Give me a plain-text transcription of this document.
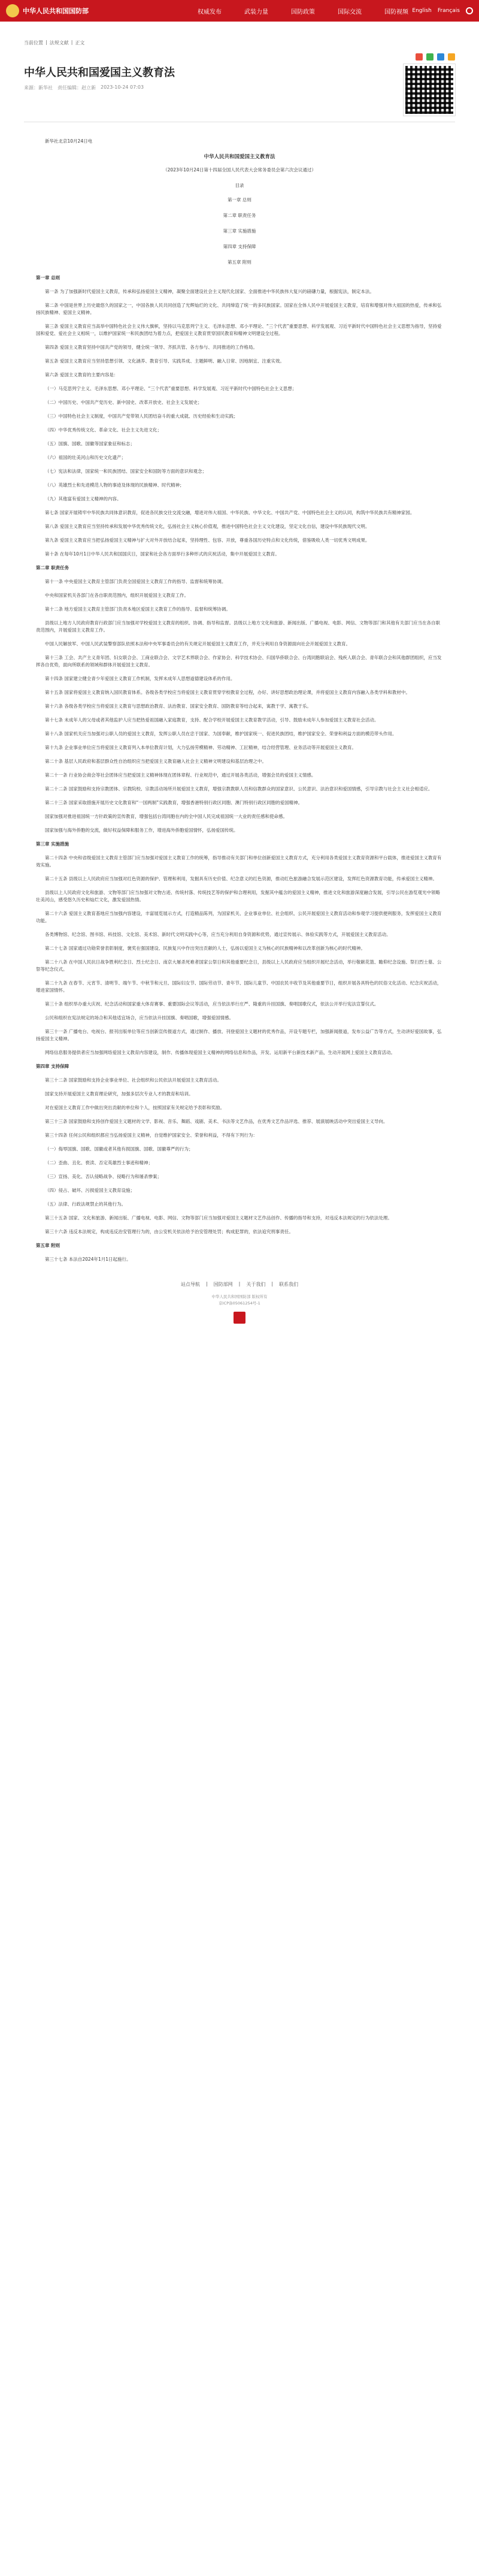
中华人民共和国国防部	权威发布	武装力量	国防政策	国际交流	国防视频 English Français
当前位置 | 法规文献 | 正文
中华人民共和国爱国主义教育法
来源：新华社 责任编辑：赵立新 2023-10-24 07:03

新华社北京10月24日电

中华人民共和国爱国主义教育法
（2023年10月24日第十四届全国人民代表大会常务委员会第六次会议通过）
目录
第一章 总则
第二章 职责任务
第三章 实施措施
第四章 支持保障
第五章 附则

第一章 总则

第一条 为了加强新时代爱国主义教育，传承和弘扬爱国主义精神，凝聚全面建设社会主义现代化国家、全面推进中华民族伟大复兴的磅礴力量，根据宪法，制定本法。

第二条 中国是世界上历史最悠久的国家之一，中国各族人民共同创造了光辉灿烂的文化、共同缔造了统一的多民族国家。国家在全体人民中开展爱国主义教育，培育和增强对伟大祖国的热爱，传承和弘扬民族精神、爱国主义精神。

第三条 爱国主义教育应当高举中国特色社会主义伟大旗帜，坚持以马克思列宁主义、毛泽东思想、邓小平理论、“三个代表”重要思想、科学发展观、习近平新时代中国特色社会主义思想为指导，坚持爱国和爱党、爱社会主义相统一，以维护国家统一和民族团结为着力点，把爱国主义教育贯穿国民教育和精神文明建设全过程。

第四条 爱国主义教育坚持中国共产党的领导，健全统一领导、齐抓共管、各方参与、共同推进的工作格局。

第五条 爱国主义教育应当坚持思想引领、文化涵养、教育引导、实践养成、主题鲜明、融入日常、因地制宜、注重实效。

第六条 爱国主义教育的主要内容是：

（一）马克思列宁主义、毛泽东思想、邓小平理论、“三个代表”重要思想、科学发展观、习近平新时代中国特色社会主义思想；

（二）中国历史、中国共产党历史、新中国史、改革开放史、社会主义发展史；

（三）中国特色社会主义制度，中国共产党带领人民团结奋斗的重大成就、历史经验和生动实践；

（四）中华优秀传统文化、革命文化、社会主义先进文化；

（五）国旗、国歌、国徽等国家象征和标志；

（六）祖国的壮美河山和历史文化遗产；

（七）宪法和法律，国家统一和民族团结、国家安全和国防等方面的意识和观念；

（八）英雄烈士和先进模范人物的事迹及体现的民族精神、时代精神；

（九）其他富有爱国主义精神的内容。

第七条 国家开展铸牢中华民族共同体意识教育，促进各民族交往交流交融，增进对伟大祖国、中华民族、中华文化、中国共产党、中国特色社会主义的认同，构筑中华民族共有精神家园。

第八条 爱国主义教育应当坚持传承和发展中华优秀传统文化，弘扬社会主义核心价值观，推进中国特色社会主义文化建设，坚定文化自信，建设中华民族现代文明。

第九条 爱国主义教育应当把弘扬爱国主义精神与扩大对外开放结合起来，坚持理性、包容、开放，尊重各国历史特点和文化传统，借鉴吸收人类一切优秀文明成果。

第十条 在每年10月1日中华人民共和国国庆日，国家和社会各方面举行多种形式的庆祝活动，集中开展爱国主义教育。

第二章 职责任务

第十一条 中央爱国主义教育主管部门负责全国爱国主义教育工作的指导、监督和统筹协调。

中央和国家机关各部门在各自职责范围内，组织开展爱国主义教育工作。

第十二条 地方爱国主义教育主管部门负责本地区爱国主义教育工作的指导、监督和统筹协调。

县级以上地方人民政府教育行政部门应当加强对学校爱国主义教育的组织、协调、指导和监督。县级以上地方文化和旅游、新闻出版、广播电视、电影、网信、文物等部门和其他有关部门应当在各自职责范围内，开展爱国主义教育工作。

中国人民解放军、中国人民武装警察部队依照本法和中央军事委员会的有关规定开展爱国主义教育工作，并充分利用自身资源面向社会开展爱国主义教育。

第十三条 工会、共产主义青年团、妇女联合会、工商业联合会、文学艺术界联合会、作家协会、科学技术协会、归国华侨联合会、台湾同胞联谊会、残疾人联合会、青年联合会和其他群团组织，应当发挥各自优势，面向所联系的领域和群体开展爱国主义教育。

第十四条 国家建立健全青少年爱国主义教育工作机制，发挥未成年人思想道德建设体系的作用。

第十五条 国家将爱国主义教育纳入国民教育体系。各级各类学校应当将爱国主义教育贯穿学校教育全过程，办好、讲好思想政治理论课，并将爱国主义教育内容融入各类学科和教材中。

第十六条 各级各类学校应当将爱国主义教育与思想政治教育、法治教育、国家安全教育、国防教育等结合起来，寓教于学、寓教于乐。

第十七条 未成年人的父母或者其他监护人应当把热爱祖国融入家庭教育，支持、配合学校开展爱国主义教育教学活动，引导、鼓励未成年人参加爱国主义教育社会活动。

第十八条 国家机关应当加强对公职人员的爱国主义教育，发挥公职人员在忠于国家、为国奉献，维护国家统一、促进民族团结，维护国家安全、荣誉和利益方面的模范带头作用。

第十九条 企业事业单位应当将爱国主义教育列入本单位教育计划，大力弘扬劳模精神、劳动精神、工匠精神，结合经营管理、业务活动等开展爱国主义教育。

第二十条 基层人民政府和基层群众性自治组织应当把爱国主义教育融入社会主义精神文明建设和基层治理之中。

第二十一条 行业协会商会等社会团体应当把爱国主义精神体现在团体章程、行业规范中，通过开展各类活动，增强会员的爱国主义情感。

第二十二条 国家鼓励和支持宗教团体、宗教院校、宗教活动场所开展爱国主义教育，增强宗教教职人员和信教群众的国家意识、公民意识、法治意识和爱国情感，引导宗教与社会主义社会相适应。

第二十三条 国家采取措施开展历史文化教育和“一国两制”实践教育，增强香港特别行政区同胞、澳门特别行政区同胞的爱国精神。

国家加强对推进祖国统一方针政策的宣传教育，增强包括台湾同胞在内的全中国人民完成祖国统一大业的责任感和使命感。

国家加强与海外侨胞的交流，做好权益保障和服务工作，增进海外侨胞爱国情怀，弘扬爱国传统。

第三章 实施措施

第二十四条 中央和省级爱国主义教育主管部门应当加强对爱国主义教育工作的统筹，指导推动有关部门和单位创新爱国主义教育方式，充分利用各类爱国主义教育资源和平台载体，推进爱国主义教育有效实施。

第二十五条 县级以上人民政府应当加强对红色资源的保护、管理和利用，发掘具有历史价值、纪念意义的红色资源，推动红色旅游融合发展示范区建设，发挥红色资源教育功能，传承爱国主义精神。

县级以上人民政府文化和旅游、文物等部门应当加强对文物古迹、传统村落、传统技艺等的保护和合理利用，发掘其中蕴含的爱国主义精神，推进文化和旅游深度融合发展，引导公民在游览观光中领略壮美河山，感受悠久历史和灿烂文化，激发爱国热情。

第二十六条 爱国主义教育基地应当加强内容建设，丰富展览展示方式，打造精品陈列，为国家机关、企业事业单位、社会组织、公民开展爱国主义教育活动和参观学习提供便利服务，发挥爱国主义教育功能。

各类博物馆、纪念馆、图书馆、科技馆、文化馆、美术馆、新时代文明实践中心等，应当充分利用自身资源和优势，通过宣传展示、体验实践等方式，开展爱国主义教育活动。

第二十七条 国家通过功勋荣誉表彰制度，褒奖在强国建设、民族复兴中作出突出贡献的人士，弘扬以爱国主义为核心的民族精神和以改革创新为核心的时代精神。

第二十八条 在中国人民抗日战争胜利纪念日、烈士纪念日、南京大屠杀死难者国家公祭日和其他重要纪念日，县级以上人民政府应当组织开展纪念活动，举行敬献花篮、瞻仰纪念设施、祭扫烈士墓、公祭等纪念仪式。

第二十九条 在春节、元宵节、清明节、端午节、中秋节和元旦、国际妇女节、国际劳动节、青年节、国际儿童节、中国农民丰收节及其他重要节日，组织开展各具特色的民俗文化活动、纪念庆祝活动，增进家国情怀。

第三十条 组织举办重大庆祝、纪念活动和国家重大体育赛事、重要国际会议等活动，应当依法举行庄严、隆重的升挂国旗、奏唱国歌仪式，依法公开举行宪法宣誓仪式。

公民和组织在宪法规定的场合和其他适宜场合，应当依法升挂国旗、奏唱国歌，增强爱国情感。

第三十一条 广播电台、电视台、报刊出版单位等应当创新宣传报道方式，通过制作、播放、刊登爱国主义题材的优秀作品，开设专题专栏，加强新闻报道，发布公益广告等方式，生动讲好爱国故事，弘扬爱国主义精神。

网络信息服务提供者应当加强网络爱国主义教育内容建设，制作、传播体现爱国主义精神的网络信息和作品，开发、运用新平台新技术新产品，生动开展网上爱国主义教育活动。

第四章 支持保障

第三十二条 国家鼓励和支持企业事业单位、社会组织和公民依法开展爱国主义教育活动。

国家支持开展爱国主义教育理论研究，加强多层次专业人才的教育和培训。

对在爱国主义教育工作中做出突出贡献的单位和个人，按照国家有关规定给予表彰和奖励。

第三十三条 国家鼓励和支持创作爱国主义题材的文学、影视、音乐、舞蹈、戏剧、美术、书法等文艺作品，在优秀文艺作品评选、推荐、展演展映活动中突出爱国主义导向。

第三十四条 任何公民和组织都应当弘扬爱国主义精神，自觉维护国家安全、荣誉和利益，不得有下列行为：

（一）侮辱国旗、国歌、国徽或者其他有损国旗、国歌、国徽尊严的行为；

（二）歪曲、丑化、亵渎、否定英雄烈士事迹和精神；

（三）宣扬、美化、否认侵略战争、侵略行为和屠杀惨案；

（四）侵占、破坏、污损爱国主义教育设施；

（五）法律、行政法规禁止的其他行为。

第三十五条 国家、文化和旅游、新闻出版、广播电视、电影、网信、文物等部门应当加强对爱国主义题材文艺作品创作、传播的指导和支持，对违反本法规定的行为依法处理。

第三十六条 违反本法规定，构成违反治安管理行为的，由公安机关依法给予治安管理处罚；构成犯罪的，依法追究刑事责任。

第五章 附则

第三十七条 本法自2024年1月1日起施行。

站点导航 | 国防部网 | 关于我们 | 联系我们
中华人民共和国国防部 版权所有
京ICP备05061254号-1
